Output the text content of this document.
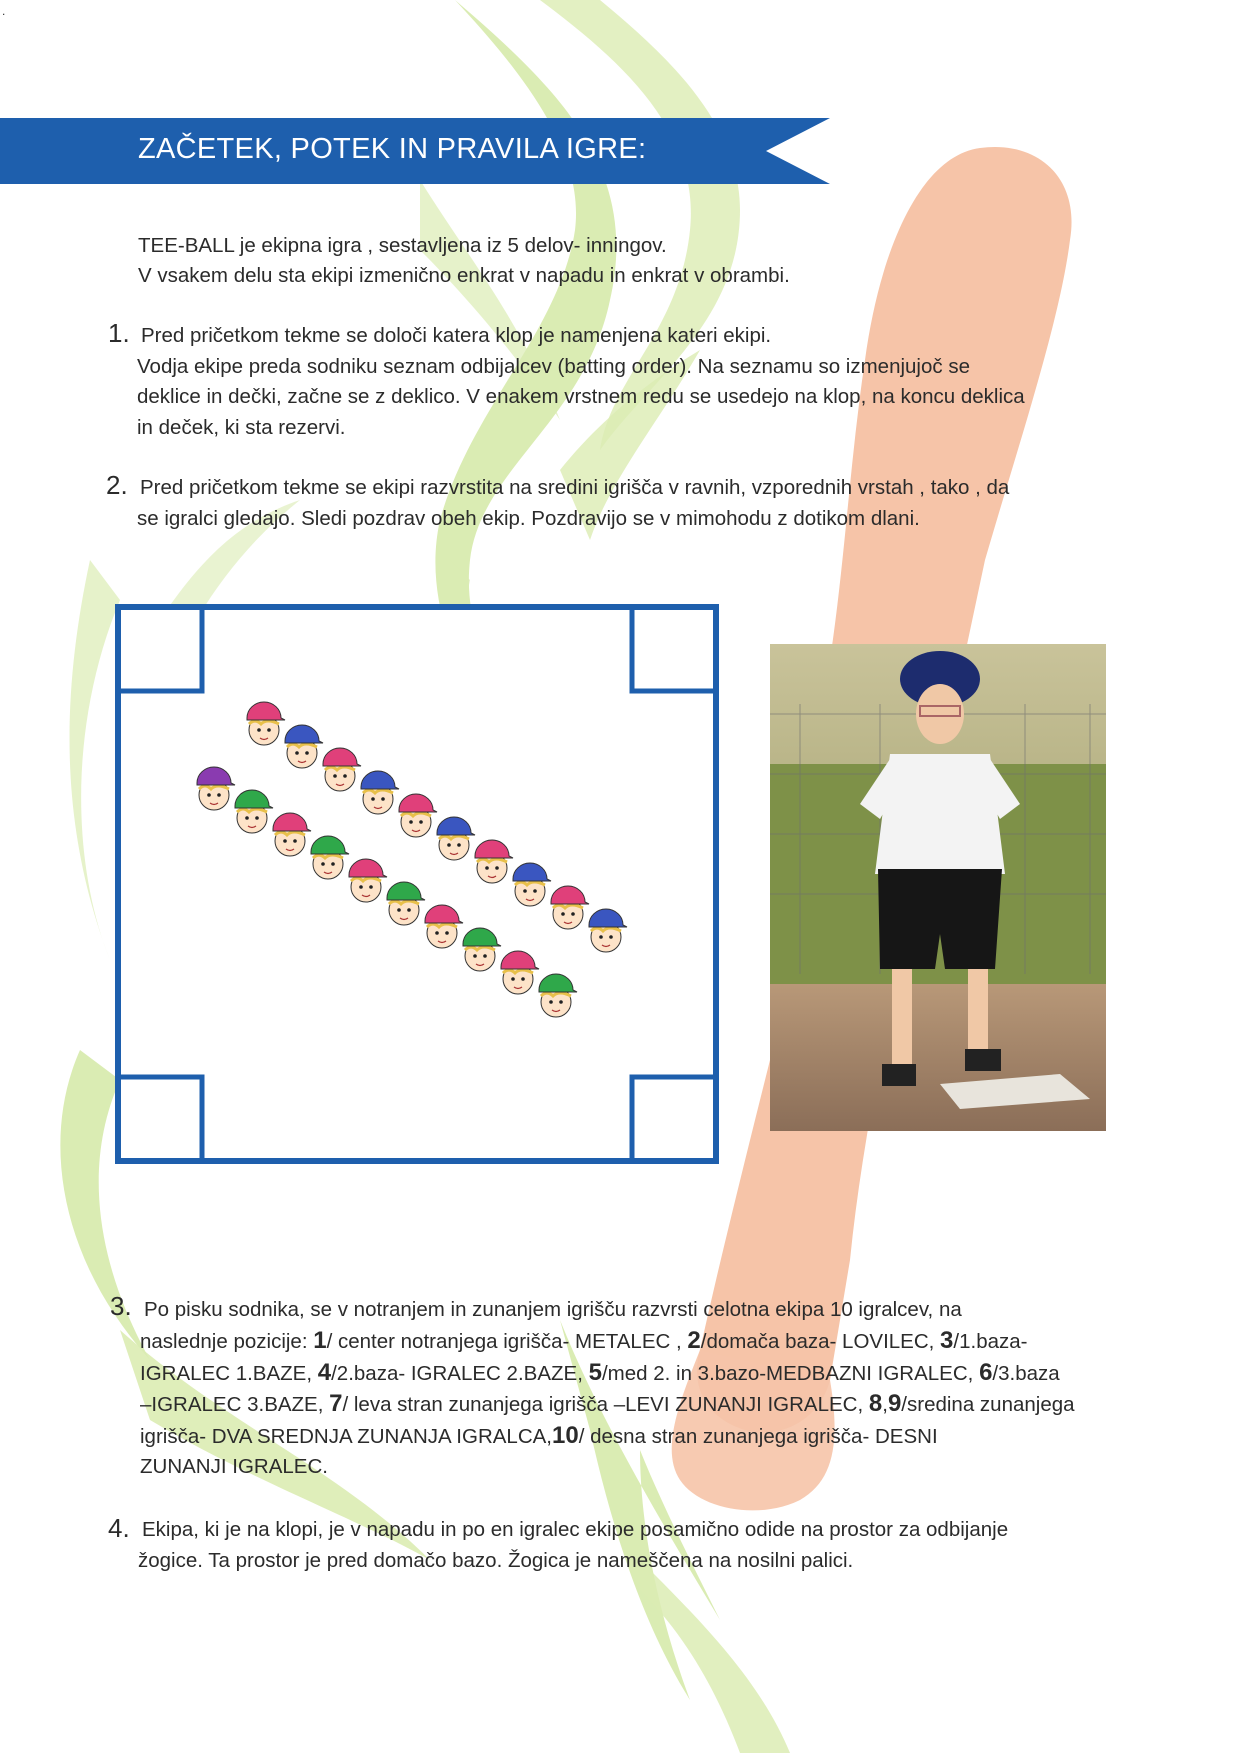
.
ZAČETEK, POTEK IN PRAVILA IGRE:
TEE-BALL je ekipna igra , sestavljena iz 5 delov- inningov.
V vsakem delu sta ekipi izmenično enkrat v napadu in enkrat v obrambi.
1. Pred pričetkom tekme se določi katera klop je namenjena kateri ekipi.
Vodja ekipe preda sodniku seznam odbijalcev (batting order). Na seznamu so izmenjujoč se
deklice in dečki, začne se z deklico. V enakem vrstnem redu se usedejo na klop, na koncu deklica
in deček, ki sta rezervi.
2. Pred pričetkom tekme se ekipi razvrstita na sredini igrišča v ravnih, vzporednih vrstah , tako , da
se igralci gledajo. Sledi pozdrav obeh ekip. Pozdravijo se v mimohodu z dotikom dlani.
3. Po pisku sodnika, se v notranjem in zunanjem igrišču razvrsti celotna ekipa 10 igralcev, na
naslednje pozicije: 1/ center notranjega igrišča- METALEC , 2/domača baza- LOVILEC, 3/1.baza-
IGRALEC 1.BAZE, 4/2.baza- IGRALEC 2.BAZE, 5/med 2. in 3.bazo-MEDBAZNI IGRALEC, 6/3.baza
–IGRALEC 3.BAZE, 7/ leva stran zunanjega igrišča –LEVI ZUNANJI IGRALEC, 8,9/sredina zunanjega
igrišča- DVA SREDNJA ZUNANJA IGRALCA,10/ desna stran zunanjega igrišča- DESNI
ZUNANJI IGRALEC.
4. Ekipa, ki je na klopi, je v napadu in po en igralec ekipe posamično odide na prostor za odbijanje
žogice. Ta prostor je pred domačo bazo. Žogica je nameščena na nosilni palici.
